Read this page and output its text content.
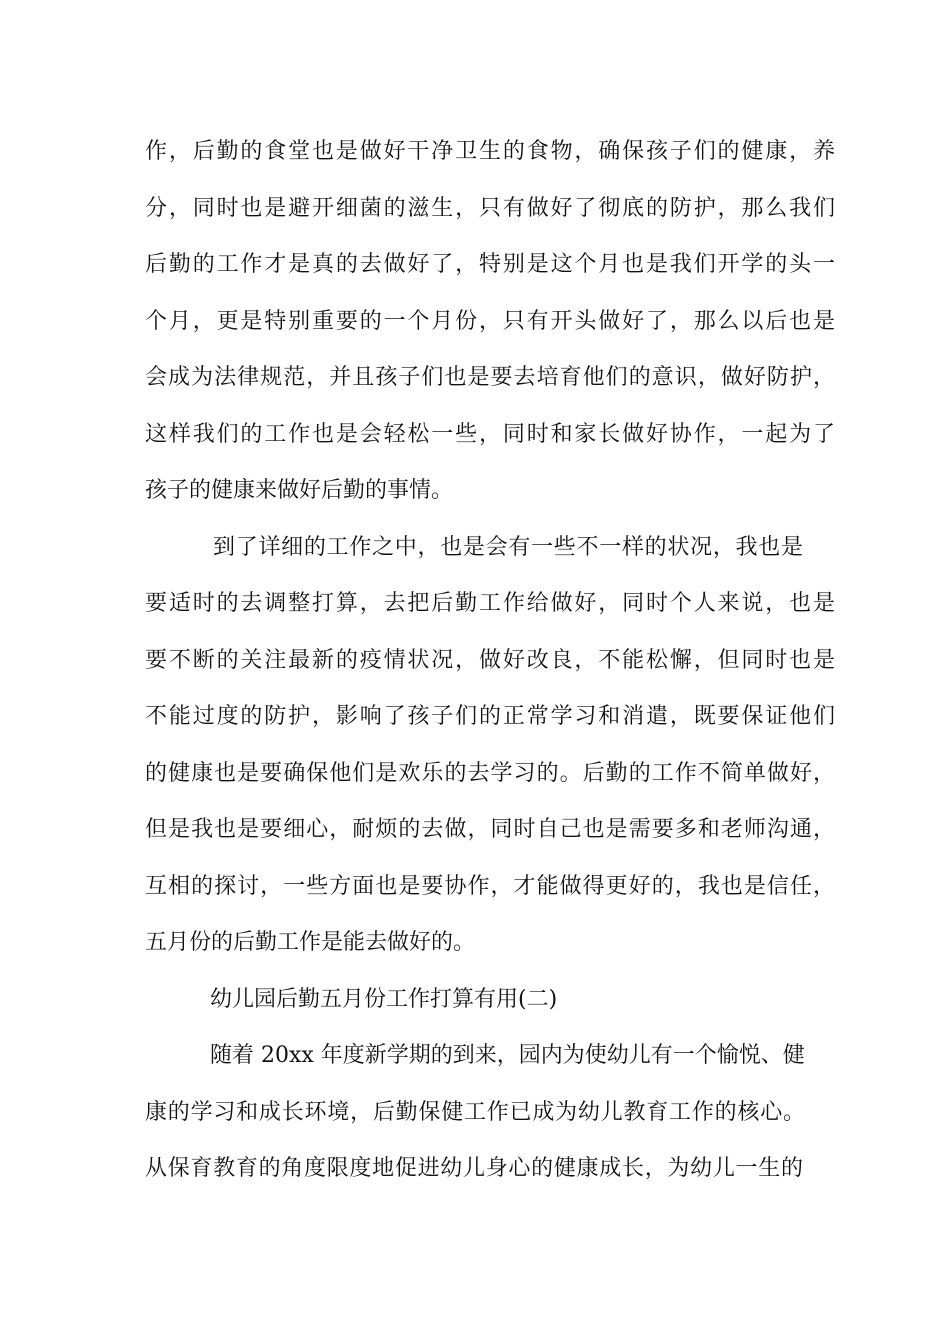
作，后勤的食堂也是做好干净卫生的食物，确保孩子们的健康，养
分，同时也是避开细菌的滋生，只有做好了彻底的防护，那么我们
后勤的工作才是真的去做好了，特别是这个月也是我们开学的头一
个月，更是特别重要的一个月份，只有开头做好了，那么以后也是
会成为法律规范，并且孩子们也是要去培育他们的意识，做好防护，
这样我们的工作也是会轻松一些，同时和家长做好协作，一起为了
孩子的健康来做好后勤的事情。
到了详细的工作之中，也是会有一些不一样的状况，我也是
要适时的去调整打算，去把后勤工作给做好，同时个人来说，也是
要不断的关注最新的疫情状况，做好改良，不能松懈，但同时也是
不能过度的防护，影响了孩子们的正常学习和消遣，既要保证他们
的健康也是要确保他们是欢乐的去学习的。后勤的工作不简单做好，
但是我也是要细心，耐烦的去做，同时自己也是需要多和老师沟通，
互相的探讨，一些方面也是要协作，才能做得更好的，我也是信任，
五月份的后勤工作是能去做好的。
幼儿园后勤五月份工作打算有用(二)
随着 20xx 年度新学期的到来，园内为使幼儿有一个愉悦、健
康的学习和成长环境，后勤保健工作已成为幼儿教育工作的核心。
从保育教育的角度限度地促进幼儿身心的健康成长，为幼儿一生的
